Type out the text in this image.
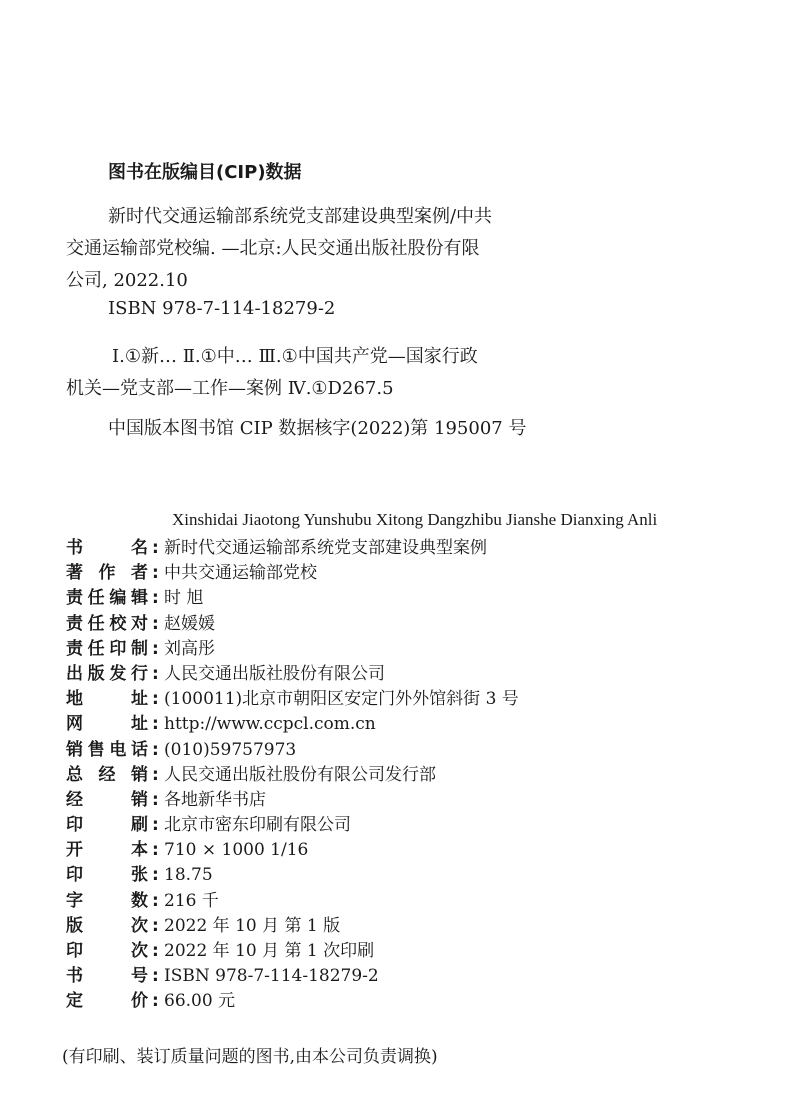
图书在版编目(CIP)数据
新时代交通运输部系统党支部建设典型案例/中共
交通运输部党校编. —北京:人民交通出版社股份有限
公司, 2022.10
ISBN 978-7-114-18279-2
Ⅰ.①新… Ⅱ.①中… Ⅲ.①中国共产党—国家行政
机关—党支部—工作—案例 Ⅳ.①D267.5
中国版本图书馆 CIP 数据核字(2022)第 195007 号
Xinshidai Jiaotong Yunshubu Xitong Dangzhibu Jianshe Dianxing Anli
书	名 : 新时代交通运输部系统党支部建设典型案例
著 作 者 : 中共交通运输部党校
责 任 编 辑 : 时 旭
责 任 校 对 : 赵媛媛
责 任 印 制 : 刘高彤
出 版 发 行 : 人民交通出版社股份有限公司
地	址 : (100011)北京市朝阳区安定门外外馆斜街 3 号
网	址 : http://www.ccpcl.com.cn
销 售 电 话 : (010)59757973
总 经 销 : 人民交通出版社股份有限公司发行部
经	销 : 各地新华书店
印	刷 : 北京市密东印刷有限公司
开	本 : 710 × 1000 1/16
印	张 : 18.75
字	数 : 216 千
版	次 : 2022 年 10 月 第 1 版
印	次 : 2022 年 10 月 第 1 次印刷
书	号 : ISBN 978-7-114-18279-2
定	价 : 66.00 元
(有印刷、装订质量问题的图书,由本公司负责调换)
